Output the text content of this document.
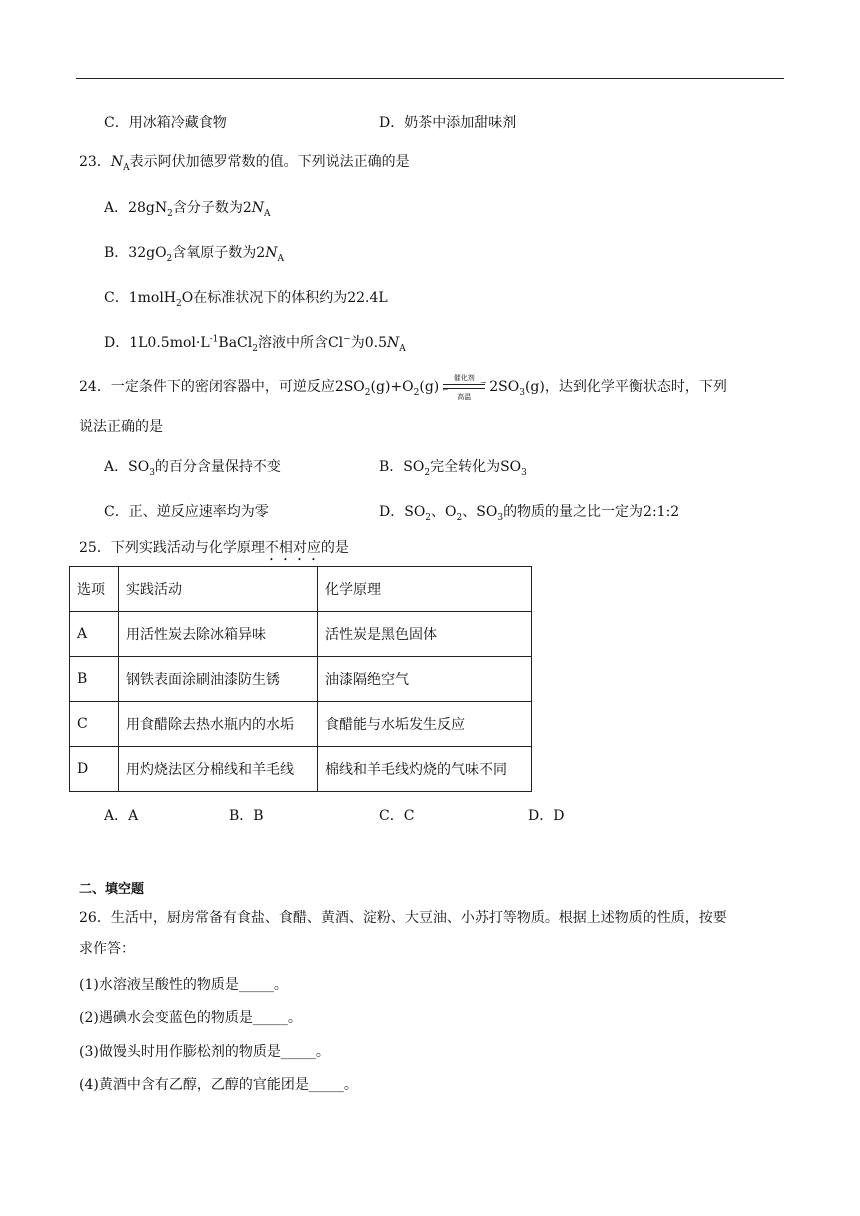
C．用冰箱冷藏食物	D．奶茶中添加甜味剂
23．$N_A$表示阿伏加德罗常数的值。下列说法正确的是
A．$28gN_2$含分子数为$2N_A$
B．$32gO_2$含氧原子数为$2N_A$
C．1molH$_2$O在标准状况下的体积约为22.4L
D．$1L0.5mol\cdot L^{-1}BaCl_2$溶液中所含Cl−为$0.5N_A$
24．一定条件下的密闭容器中，可逆反应$2SO_2(g)+O_2(g)$
催化剂
⇀
↽
高温
$2SO_3(g)$，达到化学平衡状态时，下列
说法正确的是
A．$SO_3$的百分含量保持不变	B．$SO_2$完全转化为$SO_3$
C．正、逆反应速率均为零	D．$SO_2$、$O_2$、$SO_3$的物质的量之比一定为2:1:2
25．下列实践活动与化学原理不相对应的是
选项	实践活动	化学原理
A	用活性炭去除冰箱异味	活性炭是黑色固体
B	钢铁表面涂刷油漆防生锈	油漆隔绝空气
C	用食醋除去热水瓶内的水垢	食醋能与水垢发生反应
D	用灼烧法区分棉线和羊毛线	棉线和羊毛线灼烧的气味不同
A．A	B．B	C．C	D．D
二、填空题
26．生活中，厨房常备有食盐、食醋、黄酒、淀粉、大豆油、小苏打等物质。根据上述物质的性质，按要
求作答：
(1)水溶液呈酸性的物质是_____。
(2)遇碘水会变蓝色的物质是_____。
(3)做馒头时用作膨松剂的物质是_____。
(4)黄酒中含有乙醇，乙醇的官能团是_____。
